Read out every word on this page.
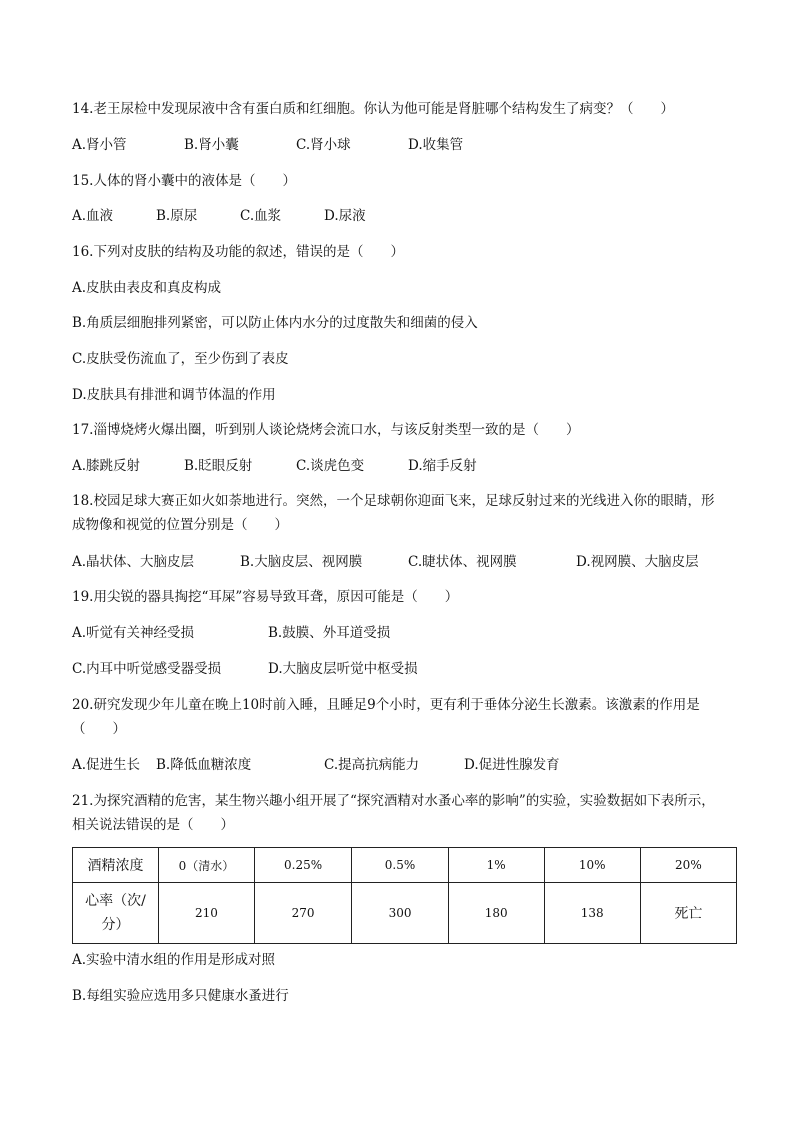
14.老王尿检中发现尿液中含有蛋白质和红细胞。你认为他可能是肾脏哪个结构发生了病变？（　　）
A.肾小管	B.肾小囊	C.肾小球	D.收集管
15.人体的肾小囊中的液体是（　　）
A.血液	B.原尿	C.血浆	D.尿液
16.下列对皮肤的结构及功能的叙述，错误的是（　　）
A.皮肤由表皮和真皮构成
B.角质层细胞排列紧密，可以防止体内水分的过度散失和细菌的侵入
C.皮肤受伤流血了，至少伤到了表皮
D.皮肤具有排泄和调节体温的作用
17.淄博烧烤火爆出圈，听到别人谈论烧烤会流口水，与该反射类型一致的是（　　）
A.膝跳反射	B.眨眼反射	C.谈虎色变	D.缩手反射
18.校园足球大赛正如火如荼地进行。突然，一个足球朝你迎面飞来，足球反射过来的光线进入你的眼睛，形成物像和视觉的位置分别是（　　）
A.晶状体、大脑皮层	B.大脑皮层、视网膜	C.睫状体、视网膜	D.视网膜、大脑皮层
19.用尖锐的器具掏挖“耳屎”容易导致耳聋，原因可能是（　　）
A.听觉有关神经受损	B.鼓膜、外耳道受损
C.内耳中听觉感受器受损	D.大脑皮层听觉中枢受损
20.研究发现少年儿童在晚上10时前入睡，且睡足9个小时，更有利于垂体分泌生长激素。该激素的作用是（　　）
A.促进生长 B.降低血糖浓度	C.提高抗病能力	D.促进性腺发育
21.为探究酒精的危害，某生物兴趣小组开展了“探究酒精对水蚤心率的影响”的实验，实验数据如下表所示，相关说法错误的是（　　）
酒精浓度	0（清水）	0.25%	0.5%	1%	10%	20%
心率（次/分）	210	270	300	180	138	死亡
A.实验中清水组的作用是形成对照
B.每组实验应选用多只健康水蚤进行
